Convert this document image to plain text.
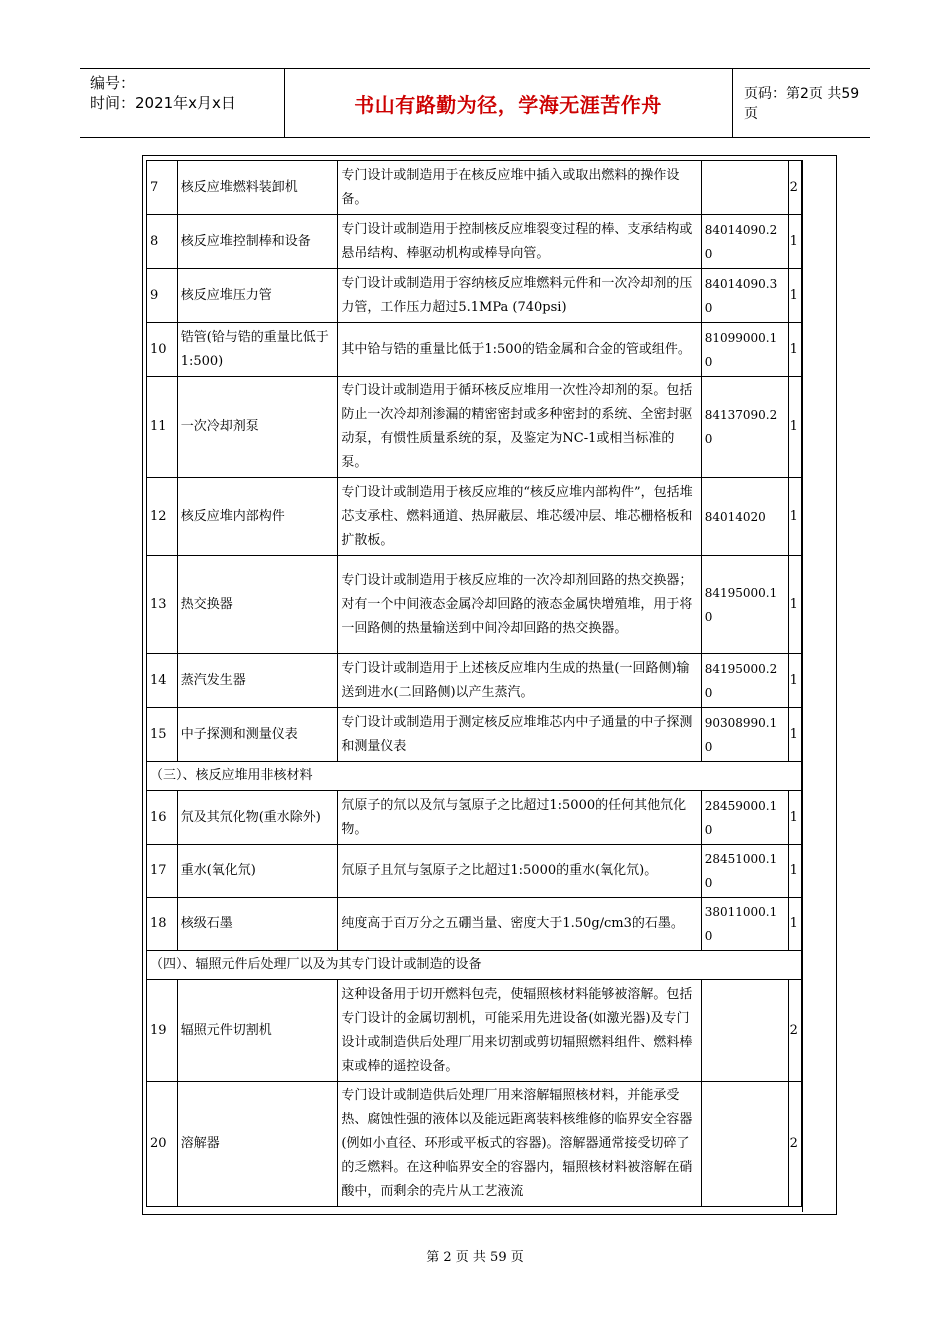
编号：
时间：2021年x月x日	书山有路勤为径，学海无涯苦作舟	页码：第2页 共59页
7	核反应堆燃料装卸机	专门设计或制造用于在核反应堆中插入或取出燃料的操作设备。		2
8	核反应堆控制棒和设备	专门设计或制造用于控制核反应堆裂变过程的棒、支承结构或悬吊结构、棒驱动机构或棒导向管。	84014090.20	1
9	核反应堆压力管	专门设计或制造用于容纳核反应堆燃料元件和一次冷却剂的压力管，工作压力超过5.1MPa (740psi)	84014090.30	1
10	锆管(铪与锆的重量比低于1:500)	其中铪与锆的重量比低于1:500的锆金属和合金的管或组件。	81099000.10	1
11	一次冷却剂泵	专门设计或制造用于循环核反应堆用一次性冷却剂的泵。包括防止一次冷却剂渗漏的精密密封或多种密封的系统、全密封驱动泵，有惯性质量系统的泵，及鉴定为NC-1或相当标准的泵。	84137090.20	1
12	核反应堆内部构件	专门设计或制造用于核反应堆的“核反应堆内部构件”，包括堆芯支承柱、燃料通道、热屏蔽层、堆芯缓冲层、堆芯栅格板和扩散板。	84014020	1
13	热交换器	专门设计或制造用于核反应堆的一次冷却剂回路的热交换器；对有一个中间液态金属冷却回路的液态金属快增殖堆，用于将一回路侧的热量输送到中间冷却回路的热交换器。	84195000.10	1
14	蒸汽发生器	专门设计或制造用于上述核反应堆内生成的热量(一回路侧)输送到进水(二回路侧)以产生蒸汽。	84195000.20	1
15	中子探测和测量仪表	专门设计或制造用于测定核反应堆堆芯内中子通量的中子探测和测量仪表	90308990.10	1
（三）、核反应堆用非核材料				
16	氘及其氘化物(重水除外)	氘原子的氘以及氘与氢原子之比超过1:5000的任何其他氘化物。	28459000.10	1
17	重水(氧化氘)	氘原子且氘与氢原子之比超过1:5000的重水(氧化氘)。	28451000.10	1
18	核级石墨	纯度高于百万分之五硼当量、密度大于1.50g/cm3的石墨。	38011000.10	1
（四）、辐照元件后处理厂以及为其专门设计或制造的设备				
19	辐照元件切割机	这种设备用于切开燃料包壳，使辐照核材料能够被溶解。包括专门设计的金属切割机，可能采用先进设备(如激光器)及专门设计或制造供后处理厂用来切割或剪切辐照燃料组件、燃料棒束或棒的遥控设备。		2
20	溶解器	专门设计或制造供后处理厂用来溶解辐照核材料，并能承受热、腐蚀性强的液体以及能远距离装料核维修的临界安全容器(例如小直径、环形或平板式的容器)。溶解器通常接受切碎了的乏燃料。在这种临界安全的容器内，辐照核材料被溶解在硝酸中，而剩余的壳片从工艺液流		2
第 2 页 共 59 页
